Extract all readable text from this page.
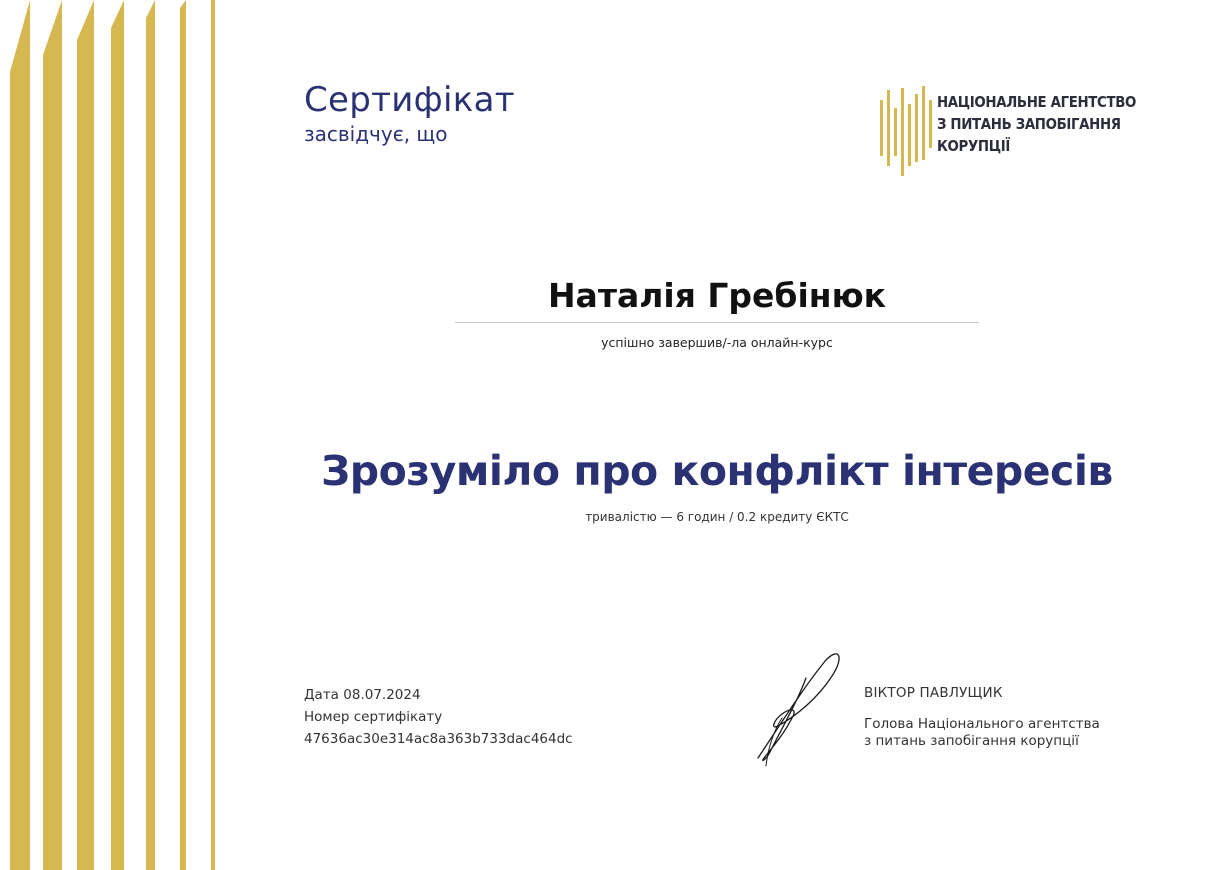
Сертифікат
засвідчує, що
НАЦІОНАЛЬНЕ АГЕНТСТВО
З ПИТАНЬ ЗАПОБІГАННЯ
КОРУПЦІЇ
Наталія Гребінюк
успішно завершив/-ла онлайн-курс
Зрозуміло про конфлікт інтересів
тривалістю — 6 годин / 0.2 кредиту ЄКТС
Дата 08.07.2024
Номер сертифікату
47636ac30e314ac8a363b733dac464dc
ВІКТОР ПАВЛУЩИК
Голова Національного агентства
з питань запобігання корупції
